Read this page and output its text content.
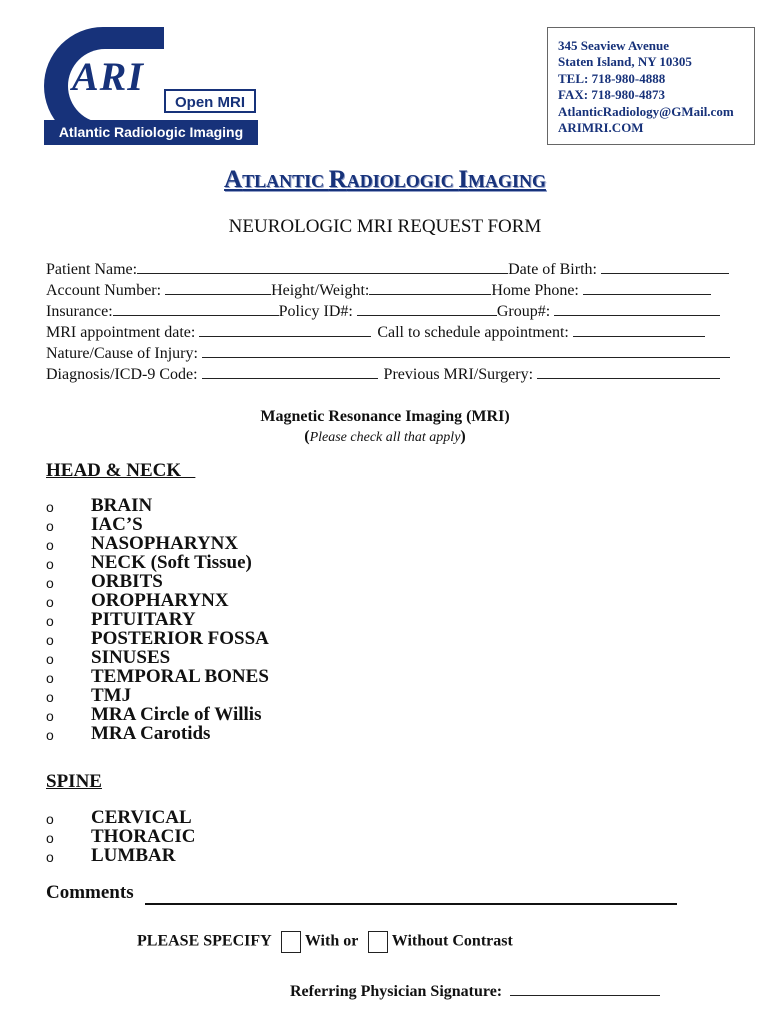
ARI
Open MRI
Atlantic Radiologic Imaging
345 Seaview Avenue
Staten Island, NY 10305
TEL: 718-980-4888
FAX: 718-980-4873
AtlanticRadiology@GMail.com
ARIMRI.COM
ATLANTIC RADIOLOGIC IMAGING
NEUROLOGIC MRI REQUEST FORM
Patient Name:	Date of Birth:
Account Number:	Height/Weight:	Home Phone:
Insurance:	Policy ID#:	Group#:
MRI appointment date:	Call to schedule appointment:
Nature/Cause of Injury:
Diagnosis/ICD-9 Code:	Previous MRI/Surgery:
Magnetic Resonance Imaging (MRI)
(Please check all that apply)
HEAD & NECK
o BRAIN
o IAC’S
o NASOPHARYNX
o NECK (Soft Tissue)
o ORBITS
o OROPHARYNX
o PITUITARY
o POSTERIOR FOSSA
o SINUSES
o TEMPORAL BONES
o TMJ
o MRA Circle of Willis
o MRA Carotids
SPINE
o CERVICAL
o THORACIC
o LUMBAR
Comments
PLEASE SPECIFY With or Without Contrast
Referring Physician Signature:
